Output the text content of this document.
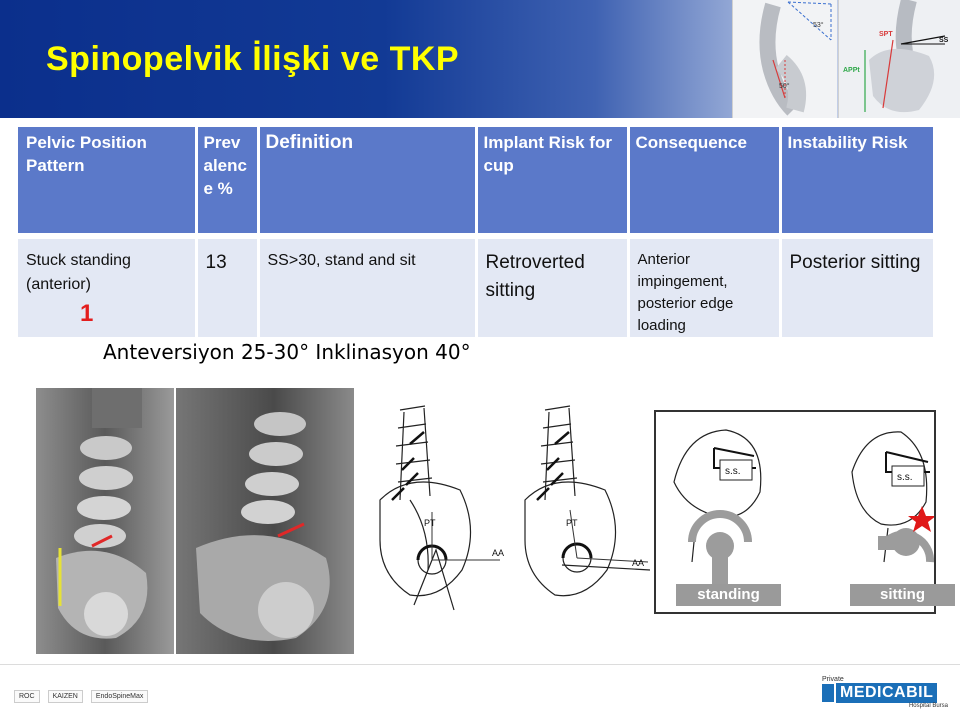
Spinopelvik İlişki ve TKP
53°
50°
SS
SPT
APPt
Pelvic Position Pattern	Prev alenc e %	Definition	Implant Risk for cup	Consequence	Instability Risk
Stuck standing (anterior)	13	SS>30, stand and sit	Retroverted sitting	Anterior impingement, posterior edge loading	Posterior sitting
1
Anteversiyon 25-30° Inklinasyon 40°
PT
AA
PT
AA
s.s.
s.s.
standing	sitting
ROC	KAIZEN	EndoSpineMax
Private
MEDICABIL
Hospital Bursa
